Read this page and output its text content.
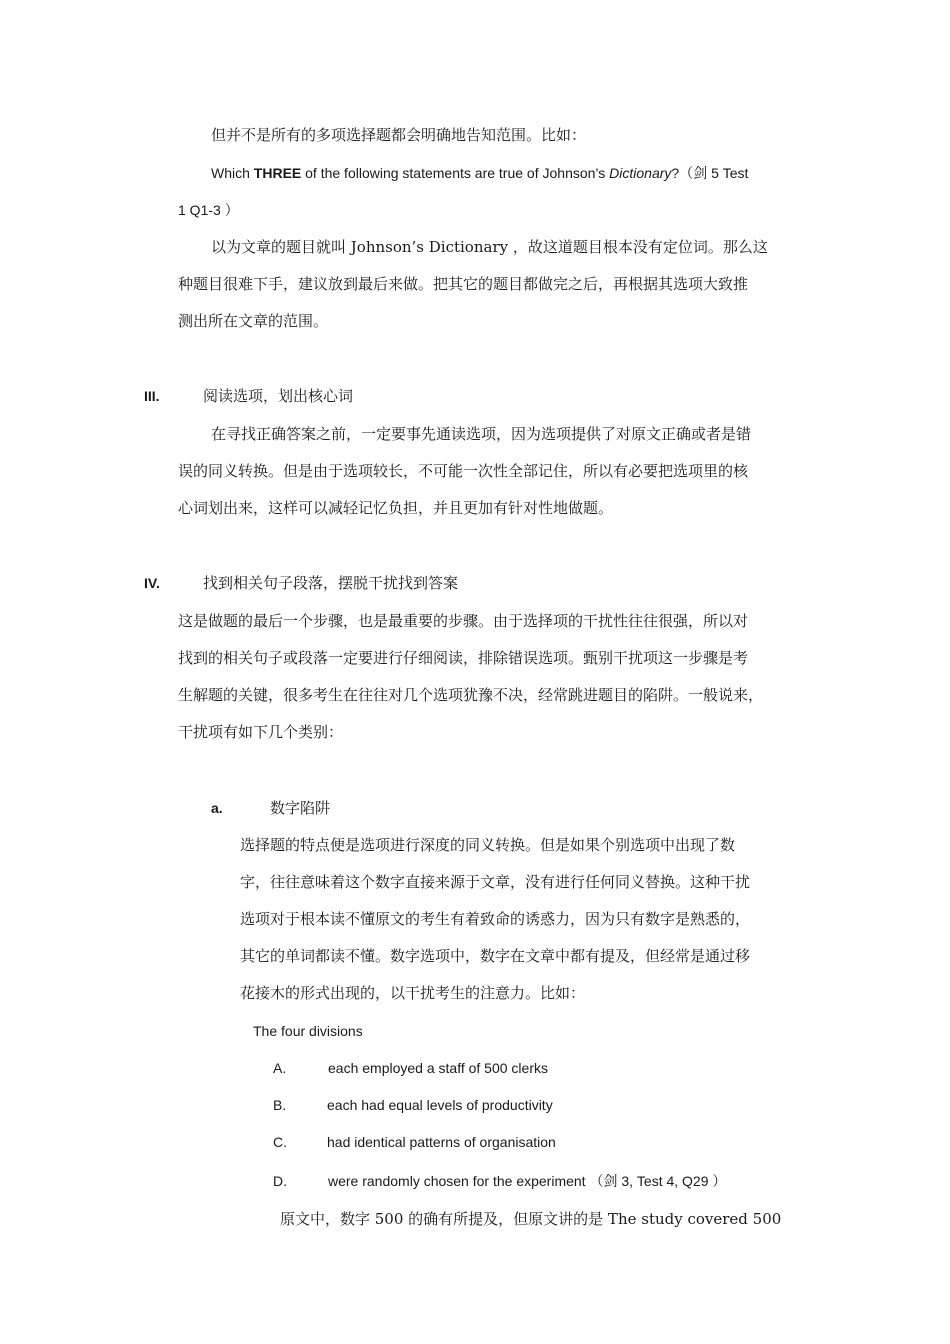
但并不是所有的多项选择题都会明确地告知范围。比如：
Which THREE of the following statements are true of Johnson’s Dictionary?（剑 5 Test
1 Q1-3 ）
以为文章的题目就叫 Johnson’s Dictionary ，故这道题目根本没有定位词。那么这
种题目很难下手，建议放到最后来做。把其它的题目都做完之后，再根据其选项大致推
测出所在文章的范围。
III.	阅读选项，划出核心词
在寻找正确答案之前，一定要事先通读选项，因为选项提供了对原文正确或者是错
误的同义转换。但是由于选项较长，不可能一次性全部记住，所以有必要把选项里的核
心词划出来，这样可以减轻记忆负担，并且更加有针对性地做题。
IV.	找到相关句子段落，摆脱干扰找到答案
这是做题的最后一个步骤，也是最重要的步骤。由于选择项的干扰性往往很强，所以对
找到的相关句子或段落一定要进行仔细阅读，排除错误选项。甄别干扰项这一步骤是考
生解题的关键，很多考生在往往对几个选项犹豫不决，经常跳进题目的陷阱。一般说来，
干扰项有如下几个类别：
a.	数字陷阱
选择题的特点便是选项进行深度的同义转换。但是如果个别选项中出现了数
字，往往意味着这个数字直接来源于文章，没有进行任何同义替换。这种干扰
选项对于根本读不懂原文的考生有着致命的诱惑力，因为只有数字是熟悉的，
其它的单词都读不懂。数字选项中，数字在文章中都有提及，但经常是通过移
花接木的形式出现的，以干扰考生的注意力。比如：
The four divisions
A.	each employed a staff of 500 clerks
B.	each had equal levels of productivity
C.	had identical patterns of organisation
D.	were randomly chosen for the experiment （剑 3, Test 4, Q29 ）
原文中，数字 500 的确有所提及，但原文讲的是 The study covered 500
